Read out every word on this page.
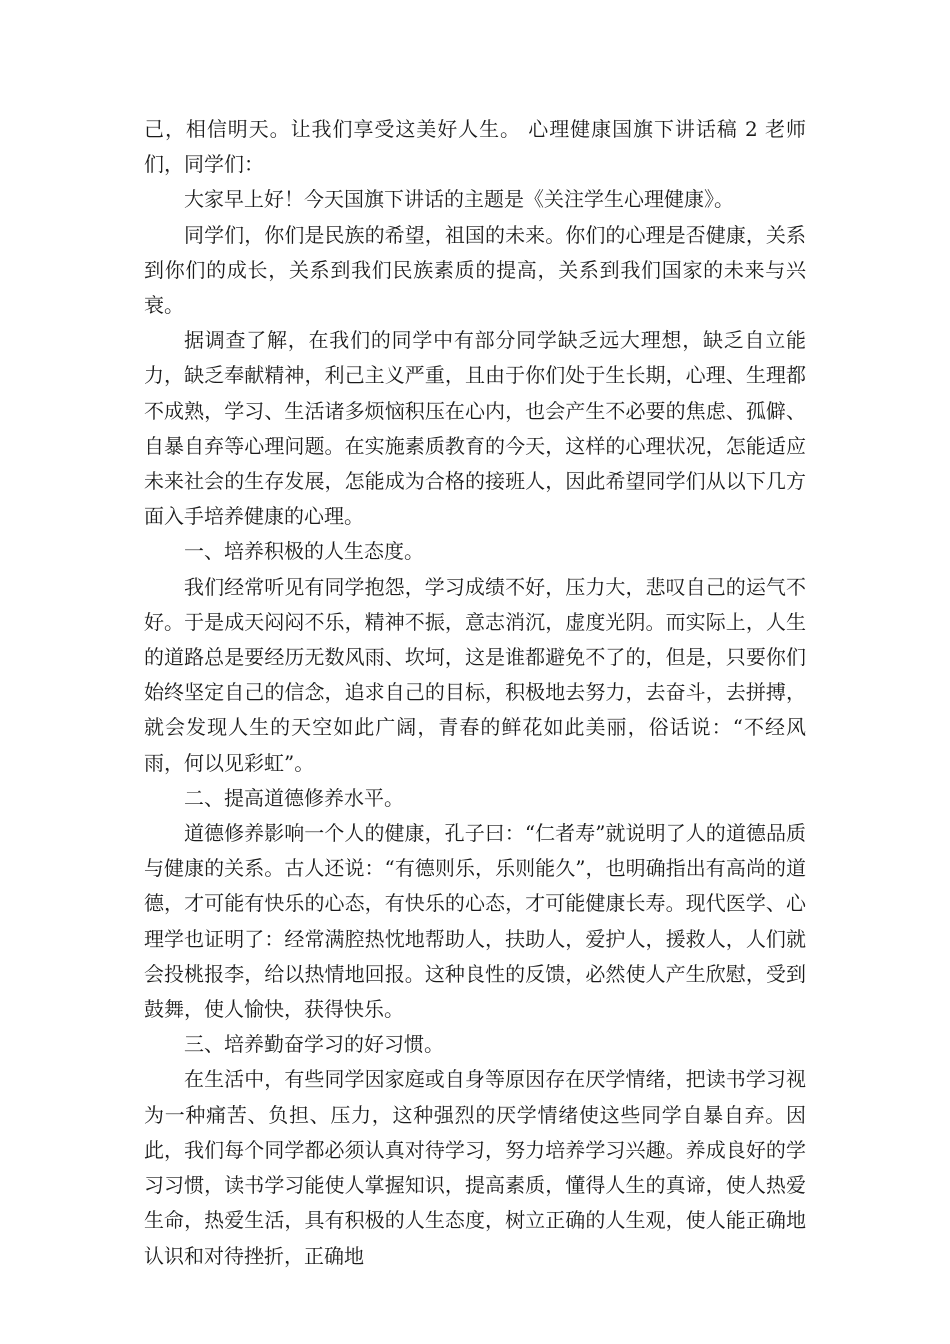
己，相信明天。让我们享受这美好人生。 心理健康国旗下讲话稿 2 老师们，同学们：

大家早上好！今天国旗下讲话的主题是《关注学生心理健康》。

同学们，你们是民族的希望，祖国的未来。你们的心理是否健康，关系到你们的成长，关系到我们民族素质的提高，关系到我们国家的未来与兴衰。

据调查了解，在我们的同学中有部分同学缺乏远大理想，缺乏自立能力，缺乏奉献精神，利己主义严重，且由于你们处于生长期，心理、生理都不成熟，学习、生活诸多烦恼积压在心内，也会产生不必要的焦虑、孤僻、自暴自弃等心理问题。在实施素质教育的今天，这样的心理状况，怎能适应未来社会的生存发展，怎能成为合格的接班人，因此希望同学们从以下几方面入手培养健康的心理。

一、培养积极的人生态度。

我们经常听见有同学抱怨，学习成绩不好，压力大，悲叹自己的运气不好。于是成天闷闷不乐，精神不振，意志消沉，虚度光阴。而实际上，人生的道路总是要经历无数风雨、坎坷，这是谁都避免不了的，但是，只要你们始终坚定自己的信念，追求自己的目标，积极地去努力，去奋斗，去拼搏，就会发现人生的天空如此广阔，青春的鲜花如此美丽，俗话说：“不经风雨，何以见彩虹”。

二、提高道德修养水平。

道德修养影响一个人的健康，孔子曰：“仁者寿”就说明了人的道德品质与健康的关系。古人还说：“有德则乐，乐则能久”，也明确指出有高尚的道德，才可能有快乐的心态，有快乐的心态，才可能健康长寿。现代医学、心理学也证明了：经常满腔热忱地帮助人，扶助人，爱护人，援救人，人们就会投桃报李，给以热情地回报。这种良性的反馈，必然使人产生欣慰，受到鼓舞，使人愉快，获得快乐。

三、培养勤奋学习的好习惯。

在生活中，有些同学因家庭或自身等原因存在厌学情绪，把读书学习视为一种痛苦、负担、压力，这种强烈的厌学情绪使这些同学自暴自弃。因此，我们每个同学都必须认真对待学习，努力培养学习兴趣。养成良好的学习习惯，读书学习能使人掌握知识，提高素质，懂得人生的真谛，使人热爱生命，热爱生活，具有积极的人生态度，树立正确的人生观，使人能正确地认识和对待挫折，正确地
